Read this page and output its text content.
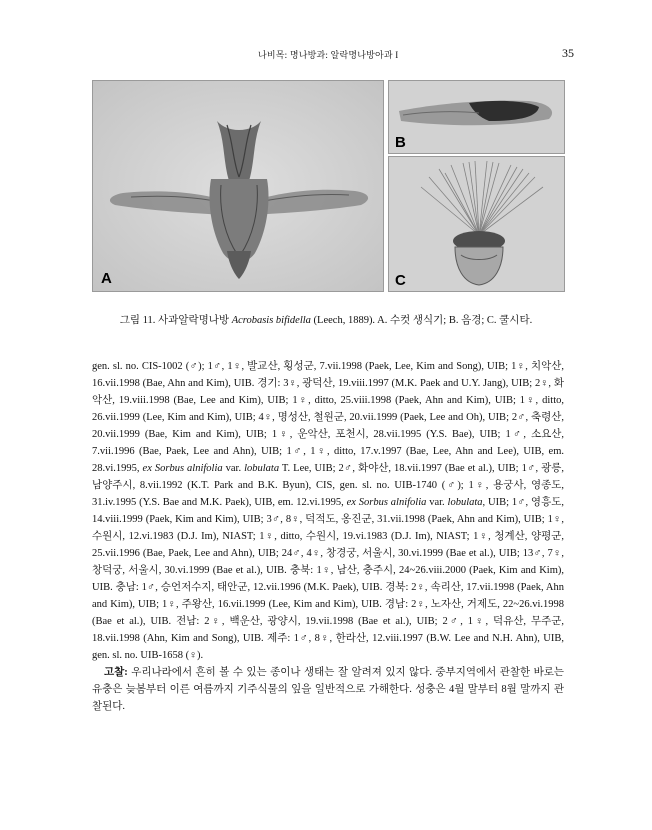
나비목: 명나방과: 알락명나방아과 I	35
A
B
C
그림 11. 사과알락명나방 Acrobasis bifidella (Leech, 1889). A. 수컷 생식기; B. 음경; C. 쿨시타.

gen. sl. no. CIS-1002 (♂); 1♂, 1♀, 발교산, 횡성군, 7.vii.1998 (Paek, Lee, Kim and Song), UIB; 1♀, 치악산, 16.vii.1998 (Bae, Ahn and Kim), UIB. 경기: 3♀, 광덕산, 19.viii.1997 (M.K. Paek and U.Y. Jang), UIB; 2♀, 화악산, 19.viii.1998 (Bae, Lee and Kim), UIB; 1♀, ditto, 25.viii.1998 (Paek, Ahn and Kim), UIB; 1♀, ditto, 26.vii.1999 (Lee, Kim and Kim), UIB; 4♀, 명성산, 철원군, 20.vii.1999 (Paek, Lee and Oh), UIB; 2♂, 축령산, 20.vii.1999 (Bae, Kim and Kim), UIB; 1♀, 운악산, 포천시, 28.vii.1995 (Y.S. Bae), UIB; 1♂, 소요산, 7.vii.1996 (Bae, Paek, Lee and Ahn), UIB; 1♂, 1♀, ditto, 17.v.1997 (Bae, Lee, Ahn and Lee), UIB, em. 28.vi.1995, ex Sorbus alnifolia var. lobulata T. Lee, UIB; 2♂, 화야산, 18.vii.1997 (Bae et al.), UIB; 1♂, 광릉, 남양주시, 8.vii.1992 (K.T. Park and B.K. Byun), CIS, gen. sl. no. UIB-1740 (♂); 1♀, 용궁사, 영종도, 31.iv.1995 (Y.S. Bae and M.K. Paek), UIB, em. 12.vi.1995, ex Sorbus alnifolia var. lobulata, UIB; 1♂, 영흥도, 14.viii.1999 (Paek, Kim and Kim), UIB; 3♂, 8♀, 덕적도, 옹진군, 31.vii.1998 (Paek, Ahn and Kim), UIB; 1♀, 수원시, 12.vi.1983 (D.J. Im), NIAST; 1♀, ditto, 수원시, 19.vi.1983 (D.J. Im), NIAST; 1♀, 청계산, 양평군, 25.vii.1996 (Bae, Paek, Lee and Ahn), UIB; 24♂, 4♀, 창경궁, 서울시, 30.vi.1999 (Bae et al.), UIB; 13♂, 7♀, 창덕궁, 서울시, 30.vi.1999 (Bae et al.), UIB. 충북: 1♀, 남산, 충주시, 24~26.viii.2000 (Paek, Kim and Kim), UIB. 충남: 1♂, 승언저수지, 태안군, 12.vii.1996 (M.K. Paek), UIB. 경북: 2♀, 속리산, 17.vii.1998 (Paek, Ahn and Kim), UIB; 1♀, 주왕산, 16.vii.1999 (Lee, Kim and Kim), UIB. 경남: 2♀, 노자산, 거제도, 22~26.vi.1998 (Bae et al.), UIB. 전남: 2♀, 백운산, 광양시, 19.vii.1998 (Bae et al.), UIB; 2♂, 1♀, 덕유산, 무주군, 18.vii.1998 (Ahn, Kim and Song), UIB. 제주: 1♂, 8♀, 한라산, 12.viii.1997 (B.W. Lee and N.H. Ahn), UIB, gen. sl. no. UIB-1658 (♀).

고찰: 우리나라에서 흔히 볼 수 있는 종이나 생태는 잘 알려져 있지 않다. 중부지역에서 관찰한 바로는 유충은 늦봄부터 이른 여름까지 기주식물의 잎을 일반적으로 가해한다. 성충은 4월 말부터 8월 말까지 관찰된다.
